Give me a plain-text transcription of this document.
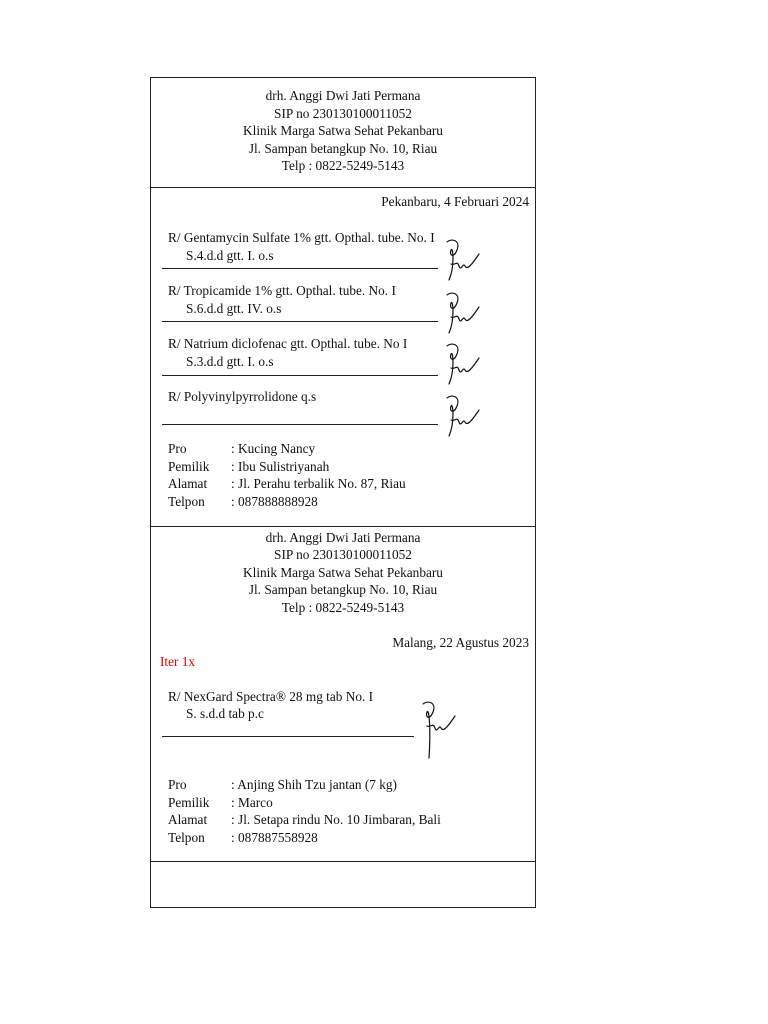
drh. Anggi Dwi Jati Permana
SIP no 230130100011052
Klinik Marga Satwa Sehat Pekanbaru
Jl. Sampan betangkup No. 10, Riau
Telp : 0822-5249-5143
Pekanbaru, 4 Februari 2024
R/ Gentamycin Sulfate 1% gtt. Opthal. tube. No. I
S.4.d.d gtt. I. o.s
R/ Tropicamide 1% gtt. Opthal. tube. No. I
S.6.d.d gtt. IV. o.s
R/ Natrium diclofenac gtt. Opthal. tube. No I
S.3.d.d gtt. I. o.s
R/ Polyvinylpyrrolidone q.s
Pro	: Kucing Nancy
Pemilik : Ibu Sulistriyanah
Alamat : Jl. Perahu terbalik No. 87, Riau
Telpon : 087888888928
drh. Anggi Dwi Jati Permana
SIP no 230130100011052
Klinik Marga Satwa Sehat Pekanbaru
Jl. Sampan betangkup No. 10, Riau
Telp : 0822-5249-5143
Malang, 22 Agustus 2023
Iter 1x
R/ NexGard Spectra® 28 mg tab No. I
S. s.d.d tab p.c
Pro	: Anjing Shih Tzu jantan (7 kg)
Pemilik : Marco
Alamat : Jl. Setapa rindu No. 10 Jimbaran, Bali
Telpon : 087887558928
